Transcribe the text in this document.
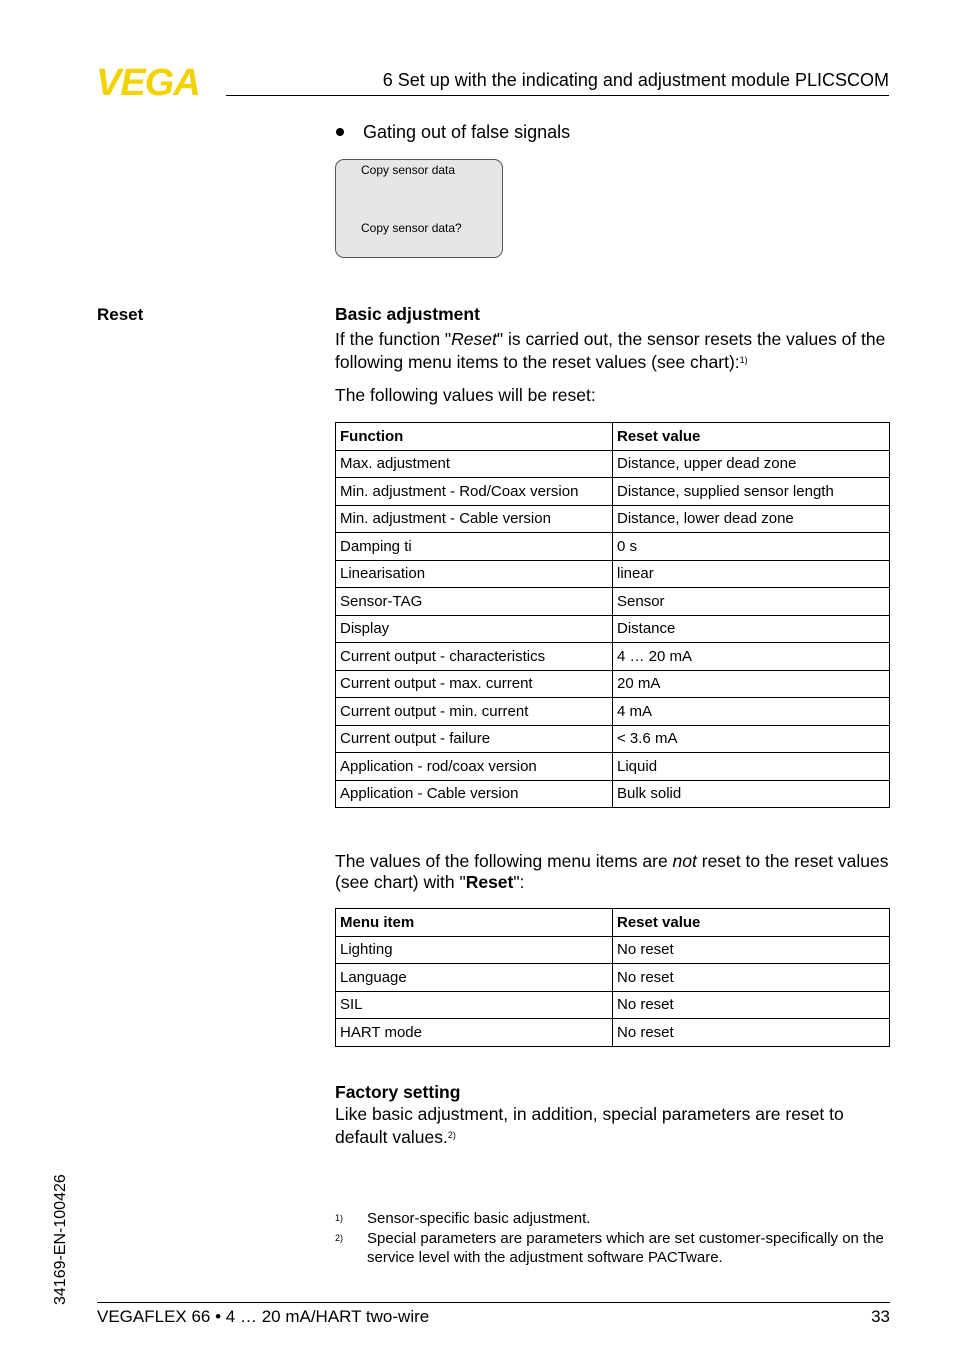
VEGA	6 Set up with the indicating and adjustment module PLICSCOM
Gating out of false signals
Copy sensor data
Copy sensor data?
Reset	Basic adjustment
If the function "Reset" is carried out, the sensor resets the values of the following menu items to the reset values (see chart):$^{1)}$
The following values will be reset:
Function	Reset value
Max. adjustment	Distance, upper dead zone
Min. adjustment - Rod/Coax version	Distance, supplied sensor length
Min. adjustment - Cable version	Distance, lower dead zone
Damping ti	0 s
Linearisation	linear
Sensor-TAG	Sensor
Display	Distance
Current output - characteristics	4 … 20 mA
Current output - max. current	20 mA
Current output - min. current	4 mA
Current output - failure	< 3.6 mA
Application - rod/coax version	Liquid
Application - Cable version	Bulk solid
The values of the following menu items are not reset to the reset values (see chart) with "Reset":
Menu item	Reset value
Lighting	No reset
Language	No reset
SIL	No reset
HART mode	No reset
Factory setting
Like basic adjustment, in addition, special parameters are reset to default values.$^{2)}$
1) Sensor-specific basic adjustment.
2) Special parameters are parameters which are set customer-specifically on the service level with the adjustment software PACTware.
34169-EN-100426
VEGAFLEX 66 • 4 … 20 mA/HART two-wire	33
